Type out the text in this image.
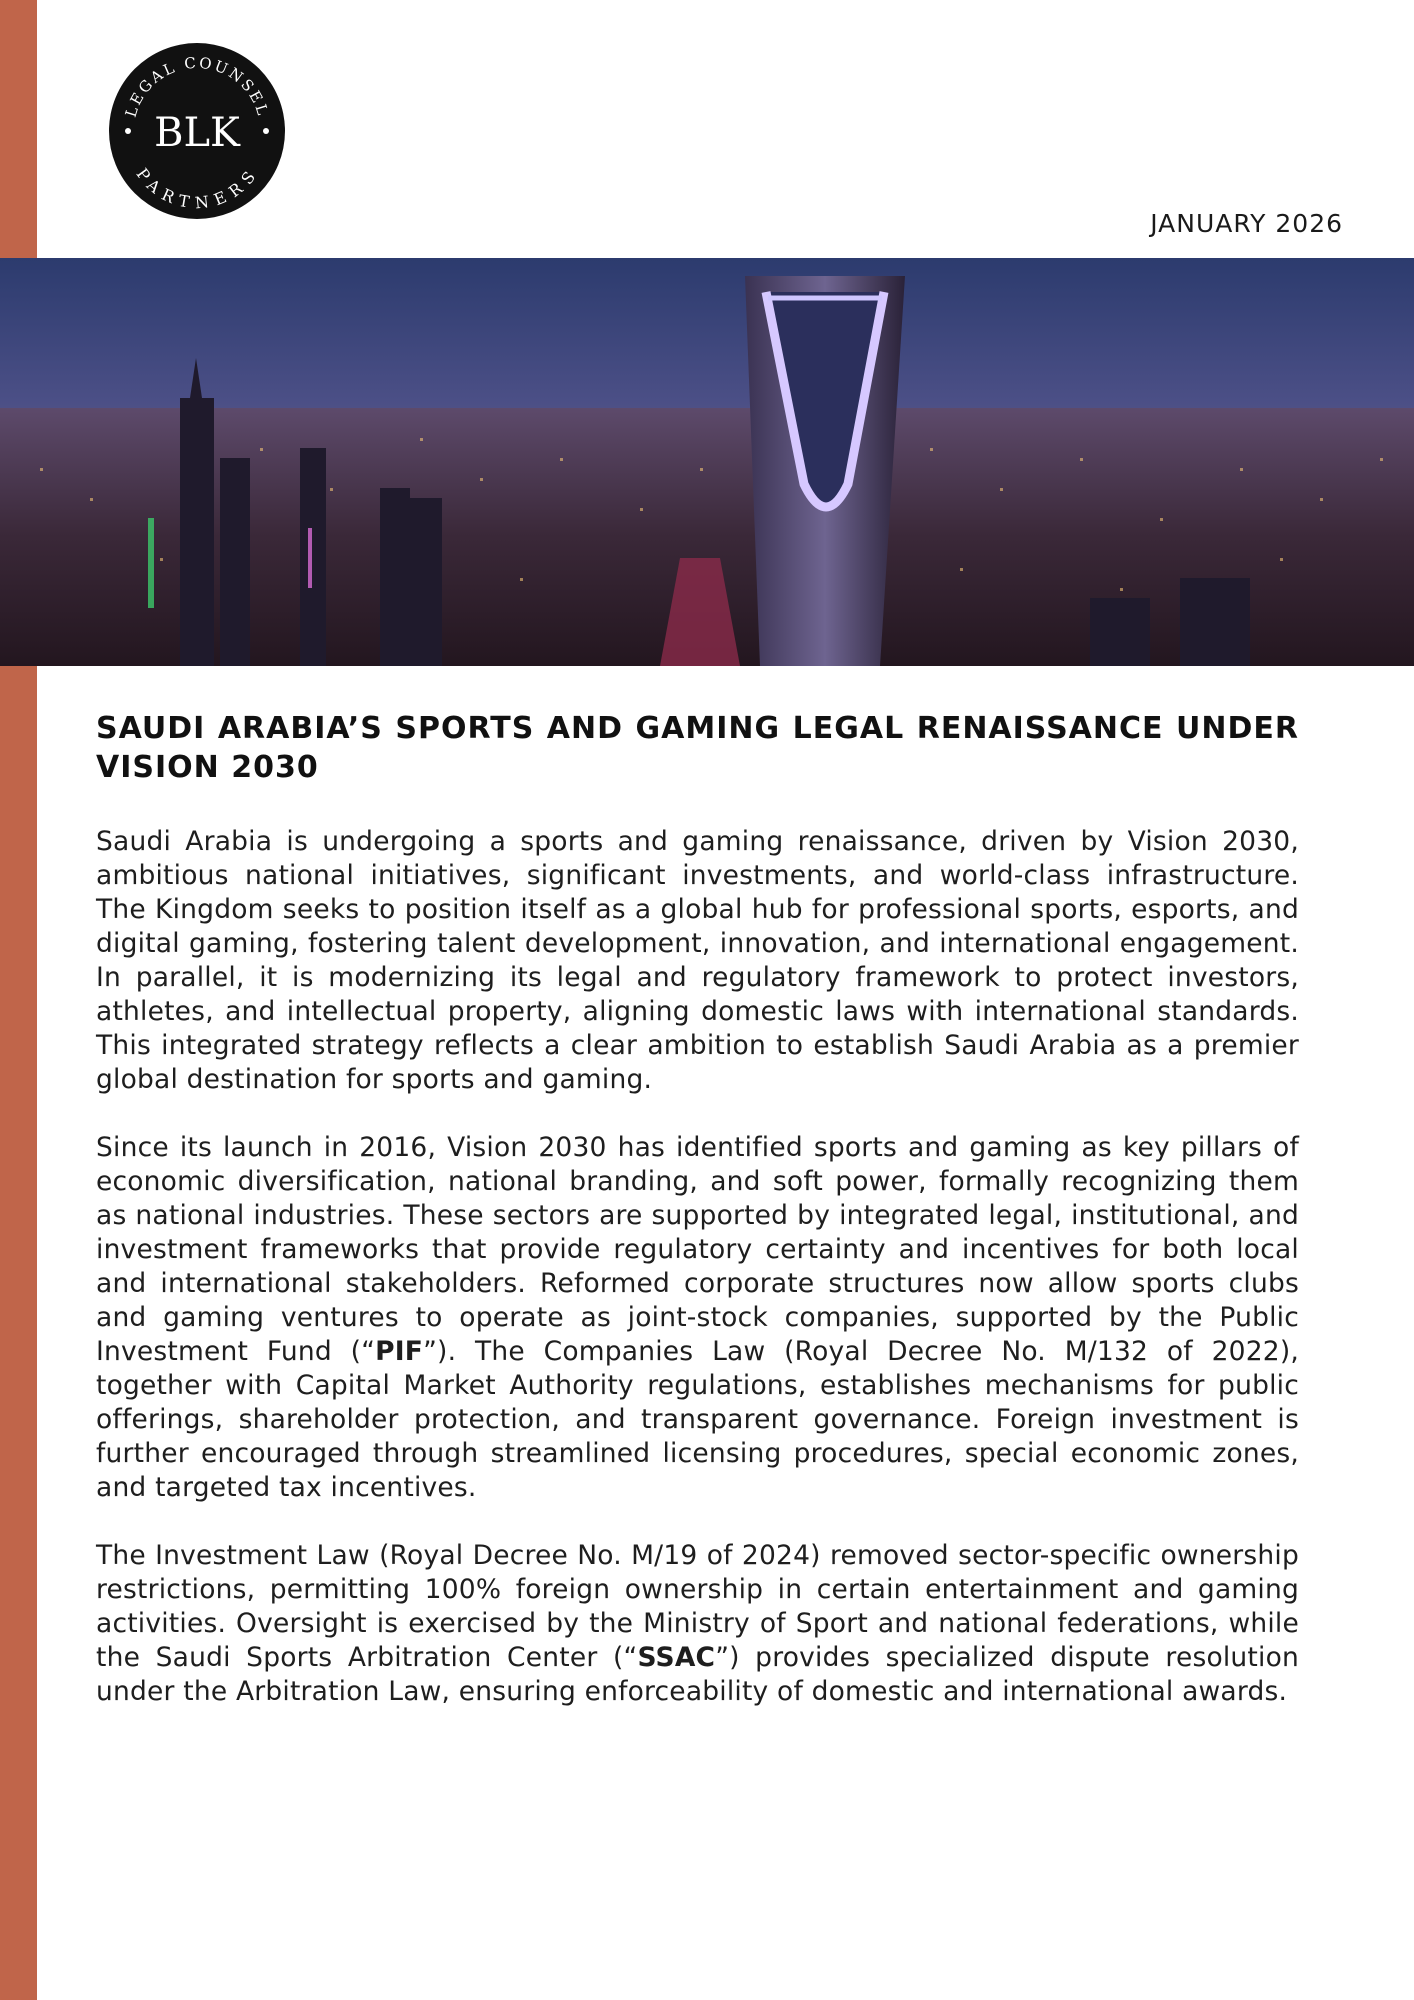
LEGAL COUNSEL
BLK
PARTNERS
JANUARY 2026
SAUDI ARABIA’S SPORTS AND GAMING LEGAL RENAISSANCE UNDER VISION 2030

Saudi Arabia is undergoing a sports and gaming renaissance, driven by Vision 2030, ambitious national initiatives, significant investments, and world-class infrastructure. The Kingdom seeks to position itself as a global hub for professional sports, esports, and digital gaming, fostering talent development, innovation, and international engagement. In parallel, it is modernizing its legal and regulatory framework to protect investors, athletes, and intellectual property, aligning domestic laws with international standards. This integrated strategy reflects a clear ambition to establish Saudi Arabia as a premier global destination for sports and gaming.

Since its launch in 2016, Vision 2030 has identified sports and gaming as key pillars of economic diversification, national branding, and soft power, formally recognizing them as national industries. These sectors are supported by integrated legal, institutional, and investment frameworks that provide regulatory certainty and incentives for both local and international stakeholders. Reformed corporate structures now allow sports clubs and gaming ventures to operate as joint-stock companies, supported by the Public Investment Fund (“PIF”). The Companies Law (Royal Decree No. M/132 of 2022), together with Capital Market Authority regulations, establishes mechanisms for public offerings, shareholder protection, and transparent governance. Foreign investment is further encouraged through streamlined licensing procedures, special economic zones, and targeted tax incentives.

The Investment Law (Royal Decree No. M/19 of 2024) removed sector-specific ownership restrictions, permitting 100% foreign ownership in certain entertainment and gaming activities. Oversight is exercised by the Ministry of Sport and national federations, while the Saudi Sports Arbitration Center (“SSAC”) provides specialized dispute resolution under the Arbitration Law, ensuring enforceability of domestic and international awards.
